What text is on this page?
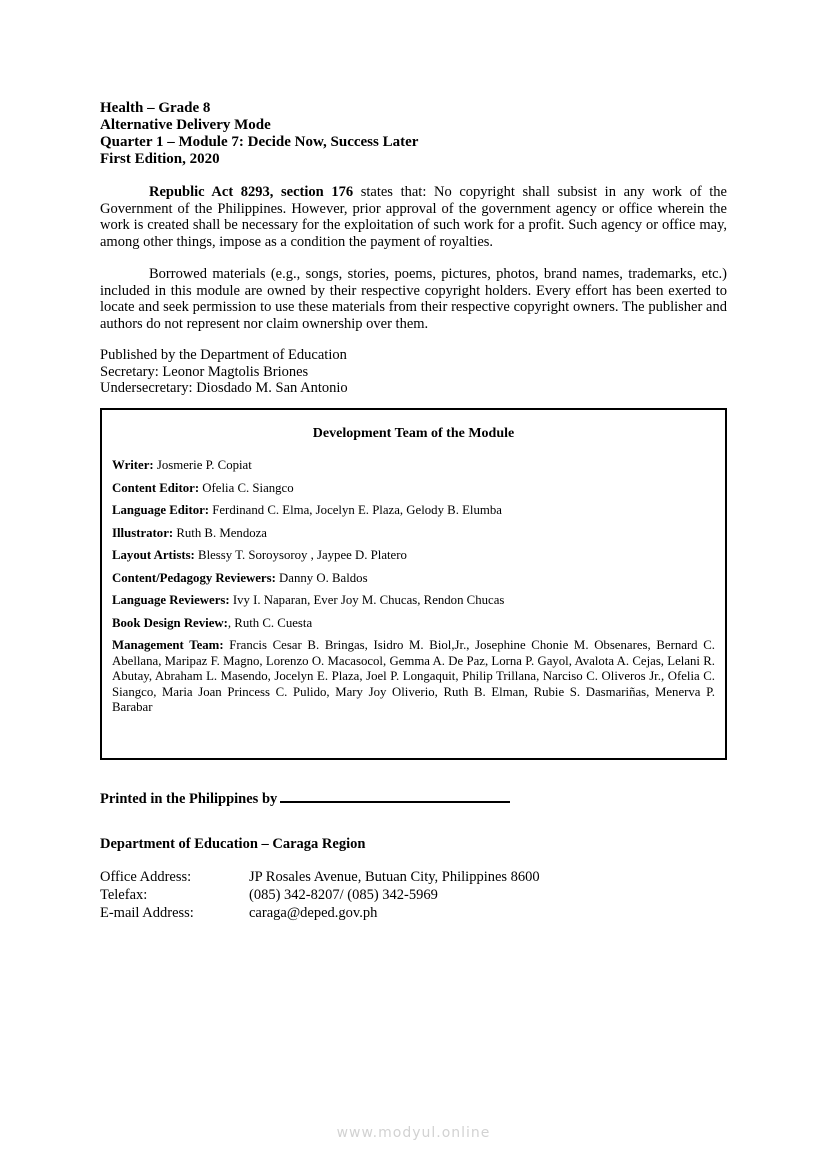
Health – Grade 8
Alternative Delivery Mode
Quarter 1 – Module 7: Decide Now, Success Later
First Edition, 2020
Republic Act 8293, section 176 states that: No copyright shall subsist in any work of the Government of the Philippines. However, prior approval of the government agency or office wherein the work is created shall be necessary for the exploitation of such work for a profit. Such agency or office may, among other things, impose as a condition the payment of royalties.
Borrowed materials (e.g., songs, stories, poems, pictures, photos, brand names, trademarks, etc.) included in this module are owned by their respective copyright holders. Every effort has been exerted to locate and seek permission to use these materials from their respective copyright owners. The publisher and authors do not represent nor claim ownership over them.
Published by the Department of Education
Secretary: Leonor Magtolis Briones
Undersecretary: Diosdado M. San Antonio
Development Team of the Module
Writer: Josmerie P. Copiat
Content Editor: Ofelia C. Siangco
Language Editor: Ferdinand C. Elma, Jocelyn E. Plaza, Gelody B. Elumba
Illustrator: Ruth B. Mendoza
Layout Artists: Blessy T. Soroysoroy , Jaypee D. Platero
Content/Pedagogy Reviewers: Danny O. Baldos
Language Reviewers: Ivy I. Naparan, Ever Joy M. Chucas, Rendon Chucas
Book Design Review:, Ruth C. Cuesta
Management Team: Francis Cesar B. Bringas, Isidro M. Biol,Jr., Josephine Chonie M. Obsenares, Bernard C. Abellana, Maripaz F. Magno, Lorenzo O. Macasocol, Gemma A. De Paz, Lorna P. Gayol, Avalota A. Cejas, Lelani R. Abutay, Abraham L. Masendo, Jocelyn E. Plaza, Joel P. Longaquit, Philip Trillana, Narciso C. Oliveros Jr., Ofelia C. Siangco, Maria Joan Princess C. Pulido, Mary Joy Oliverio, Ruth B. Elman, Rubie S. Dasmariñas, Menerva P. Barabar
Printed in the Philippines by
Department of Education – Caraga Region
Office Address:	JP Rosales Avenue, Butuan City, Philippines 8600
Telefax:	(085) 342-8207/ (085) 342-5969
E-mail Address:	caraga@deped.gov.ph
www.modyul.online
